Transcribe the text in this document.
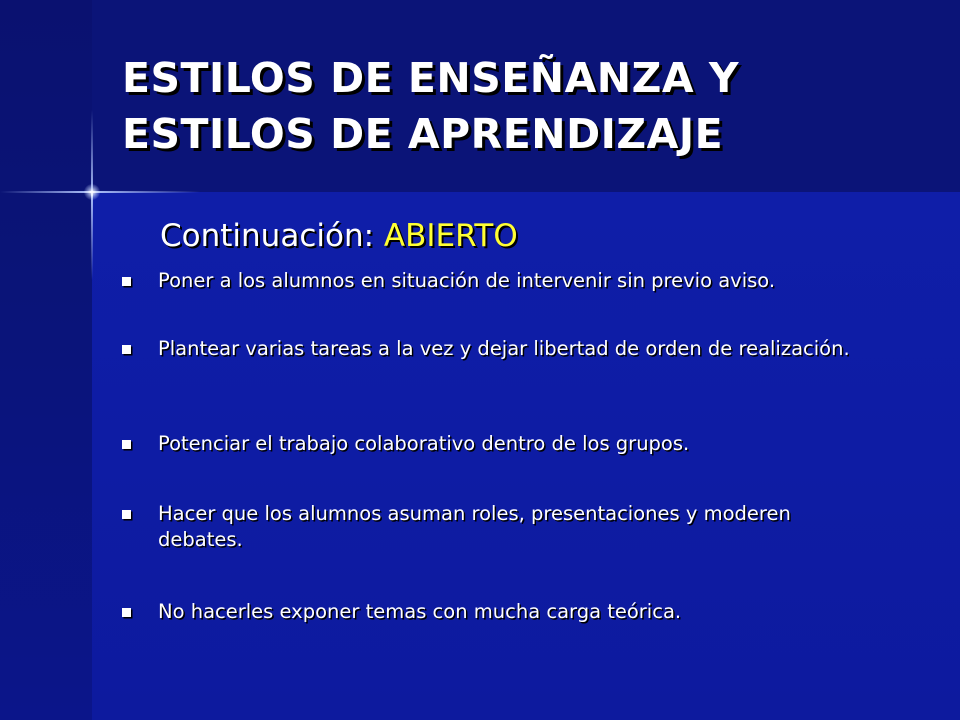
ESTILOS DE ENSEÑANZA Y
ESTILOS DE APRENDIZAJE
Continuación: ABIERTO
Poner a los alumnos en situación de intervenir sin previo aviso.
Plantear varias tareas a la vez y dejar libertad de orden de realización.
Potenciar el trabajo colaborativo dentro de los grupos.
Hacer que los alumnos asuman roles, presentaciones y moderen debates.
No hacerles exponer temas con mucha carga teórica.
